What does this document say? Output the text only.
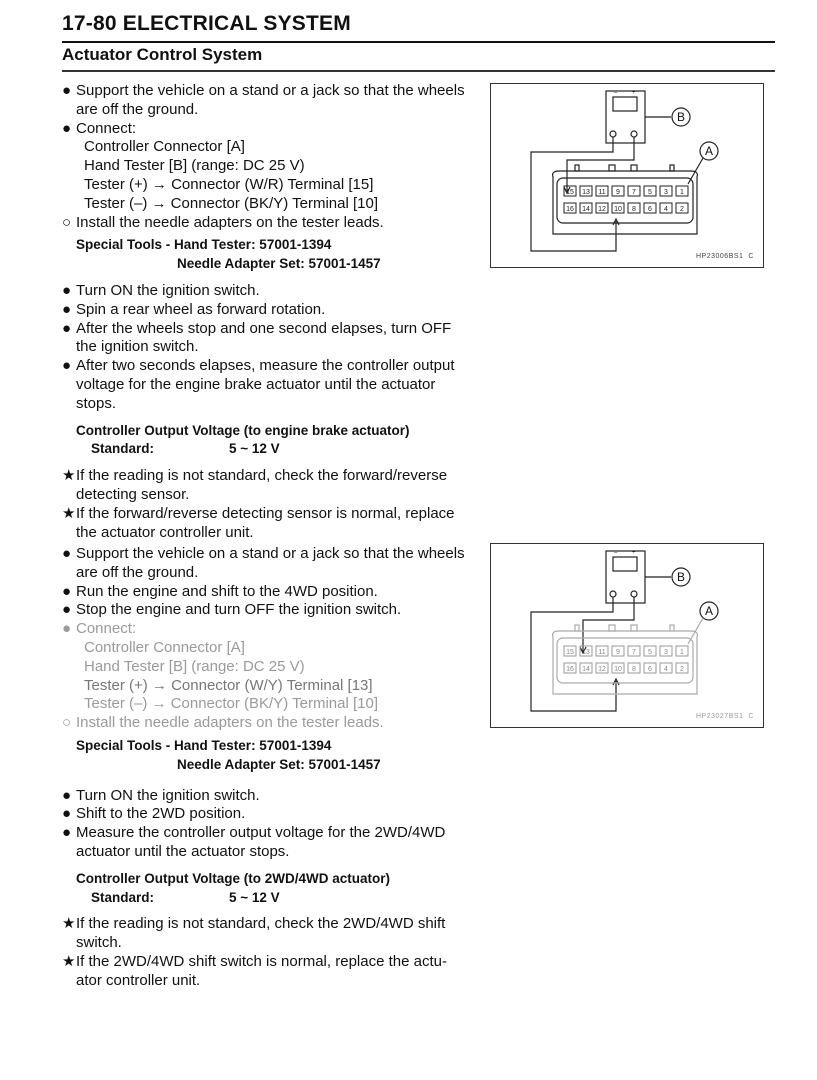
17-80 ELECTRICAL SYSTEM
Actuator Control System
● Support the vehicle on a stand or a jack so that the wheels
are off the ground.
● Connect:
Controller Connector [A]
Hand Tester [B] (range: DC 25 V)
Tester (+) → Connector (W/R) Terminal [15]
Tester (–) → Connector (BK/Y) Terminal [10]
○ Install the needle adapters on the tester leads.
Special Tools - Hand Tester: 57001-1394
Needle Adapter Set: 57001-1457
● Turn ON the ignition switch.
● Spin a rear wheel as forward rotation.
● After the wheels stop and one second elapses, turn OFF
the ignition switch.
● After two seconds elapses, measure the controller output
voltage for the engine brake actuator until the actuator
stops.
Controller Output Voltage (to engine brake actuator)
Standard:	5 ~ 12 V
★ If the reading is not standard, check the forward/reverse
detecting sensor.
★ If the forward/reverse detecting sensor is normal, replace
the actuator controller unit.
● Support the vehicle on a stand or a jack so that the wheels
are off the ground.
● Run the engine and shift to the 4WD position.
● Stop the engine and turn OFF the ignition switch.
● Connect:
Controller Connector [A]
Hand Tester [B] (range: DC 25 V)
Tester (+) → Connector (W/Y) Terminal [13]
Tester (–) → Connector (BK/Y) Terminal [10]
○ Install the needle adapters on the tester leads.
Special Tools - Hand Tester: 57001-1394
Needle Adapter Set: 57001-1457
● Turn ON the ignition switch.
● Shift to the 2WD position.
● Measure the controller output voltage for the 2WD/4WD
actuator until the actuator stops.
Controller Output Voltage (to 2WD/4WD actuator)
Standard:	5 ~ 12 V
★ If the reading is not standard, check the 2WD/4WD shift
switch.
★ If the 2WD/4WD shift switch is normal, replace the actu-
ator controller unit.
15 13 11 9 7 5 3 1
16 14 12 10 8 6 4 2
B
A
– +
HP23006BS1 C
15 13 11 9 7 5 3 1
16 14 12 10 8 6 4 2
B
A
– +
HP23027BS1 C
